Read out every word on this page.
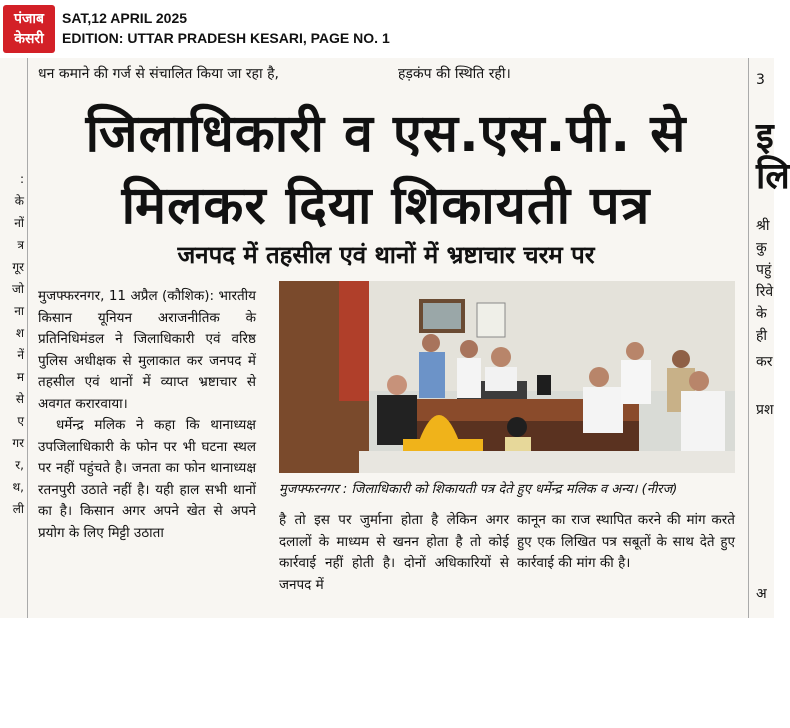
पंजाब
केसरी
SAT,12 APRIL 2025
EDITION: UTTAR PRADESH KESARI, PAGE NO. 1
:
के
नों
त्र
गूर
जो
ना
श
नें
म
से
ए
गर
र,
थ,
ली
धन कमाने की गर्ज से संचालित किया जा रहा है,	हड़कंप की स्थिति रही।
जिलाधिकारी व एस.एस.पी. से
मिलकर दिया शिकायती पत्र
जनपद में तहसील एवं थानों में भ्रष्टाचार चरम पर

मुजफ्फरनगर, 11 अप्रैल (कौशिक): भारतीय किसान यूनियन अराजनीतिक के प्रतिनिधिमंडल ने जिलाधिकारी एवं वरिष्ठ पुलिस अधीक्षक से मुलाकात कर जनपद में तहसील एवं थानों में व्याप्त भ्रष्टाचार से अवगत करारवाया।

धर्मेन्द्र मलिक ने कहा कि थानाध्यक्ष उपजिलाधिकारी के फोन पर भी घटना स्थल पर नहीं पहुंचते है। जनता का फोन थानाध्यक्ष रतनपुरी उठाते नहीं है। यही हाल सभी थानों का है। किसान अगर अपने खेत से अपने प्रयोग के लिए मिट्टी उठाता

मुजफ्फरनगर : जिलाधिकारी को शिकायती पत्र देते हुए धर्मेन्द्र मलिक व अन्य। (नीरज)
है तो इस पर जुर्माना होता है लेकिन अगर दलालों के माध्यम से खनन होता है तो कोई कार्रवाई नहीं होती है। दोनों अधिकारियों से जनपद में
कानून का राज स्थापित करने की मांग करते हुए एक लिखित पत्र सबूतों के साथ देते हुए कार्रवाई की मांग की है।
3
इ
लि
श्री
कु
पहुं
रिवे
के
ही
कर
प्रश
अ
